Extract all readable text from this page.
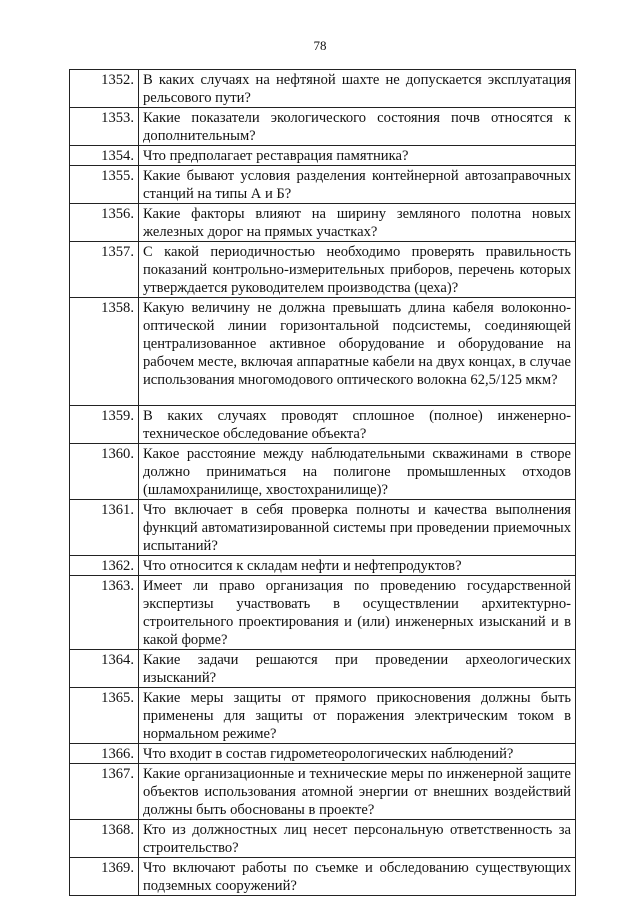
78
1352.	В каких случаях на нефтяной шахте не допускается эксплуатация рельсового пути?
1353.	Какие показатели экологического состояния почв относятся к дополнительным?
1354.	Что предполагает реставрация памятника?
1355.	Какие бывают условия разделения контейнерной автозаправочных станций на типы А и Б?
1356.	Какие факторы влияют на ширину земляного полотна новых железных дорог на прямых участках?
1357.	С какой периодичностью необходимо проверять правильность показаний контрольно-измерительных приборов, перечень которых утверждается руководителем производства (цеха)?
1358.	Какую величину не должна превышать длина кабеля волоконно-оптической линии горизонтальной подсистемы, соединяющей централизованное активное оборудование и оборудование на рабочем месте, включая аппаратные кабели на двух концах, в случае использования многомодового оптического волокна 62,5/125 мкм?
1359.	В каких случаях проводят сплошное (полное) инженерно-техническое обследование объекта?
1360.	Какое расстояние между наблюдательными скважинами в створе должно приниматься на полигоне промышленных отходов (шламохранилище, хвостохранилище)?
1361.	Что включает в себя проверка полноты и качества выполнения функций автоматизированной системы при проведении приемочных испытаний?
1362.	Что относится к складам нефти и нефтепродуктов?
1363.	Имеет ли право организация по проведению государственной экспертизы участвовать в осуществлении архитектурно-строительного проектирования и (или) инженерных изысканий и в какой форме?
1364.	Какие задачи решаются при проведении археологических изысканий?
1365.	Какие меры защиты от прямого прикосновения должны быть применены для защиты от поражения электрическим током в нормальном режиме?
1366.	Что входит в состав гидрометеорологических наблюдений?
1367.	Какие организационные и технические меры по инженерной защите объектов использования атомной энергии от внешних воздействий должны быть обоснованы в проекте?
1368.	Кто из должностных лиц несет персональную ответственность за строительство?
1369.	Что включают работы по съемке и обследованию существующих подземных сооружений?
